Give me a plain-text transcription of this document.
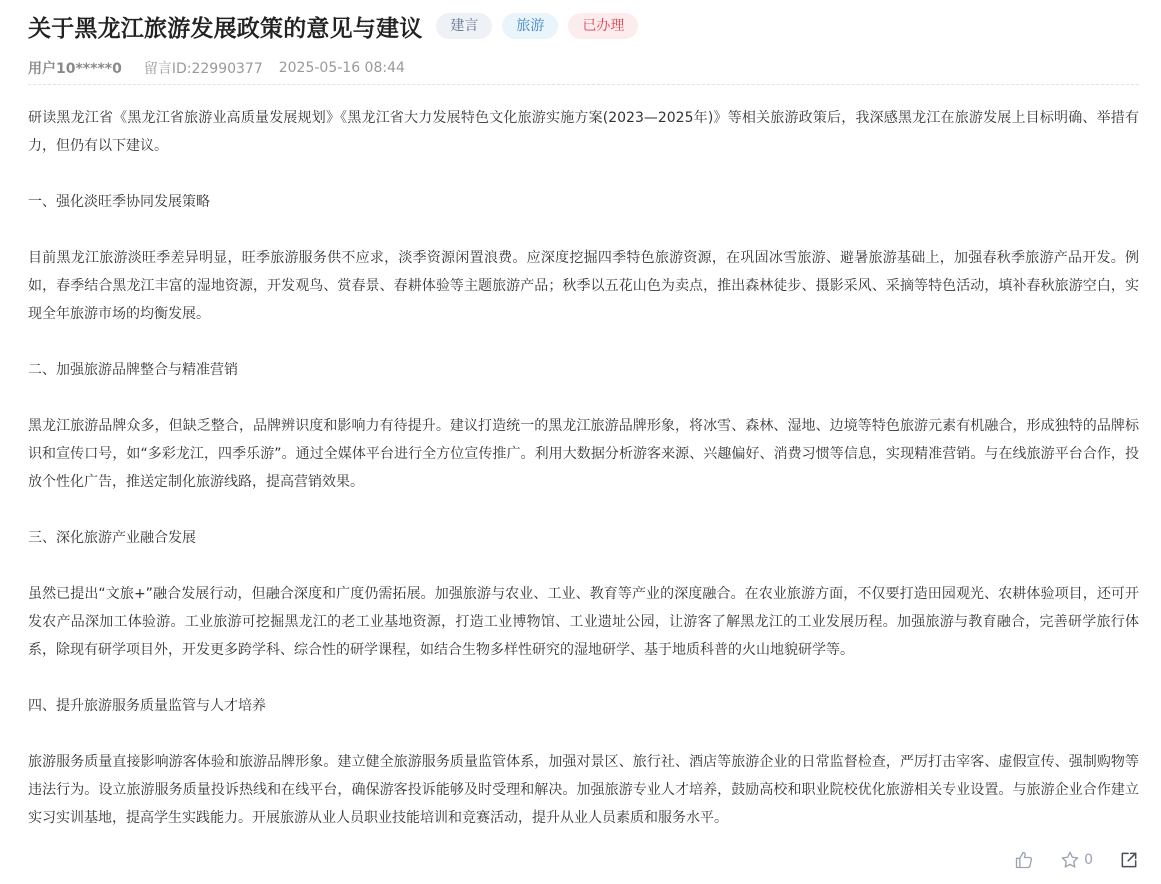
关于黑龙江旅游发展政策的意见与建议	建言	旅游	已办理
用户10*****0 留言ID:22990377 2025-05-16 08:44

研读黑龙江省《黑龙江省旅游业高质量发展规划》《黑龙江省大力发展特色文化旅游实施方案(2023—2025年)》等相关旅游政策后，我深感黑龙江在旅游发展上目标明确、举措有力，但仍有以下建议。

一、强化淡旺季协同发展策略

目前黑龙江旅游淡旺季差异明显，旺季旅游服务供不应求，淡季资源闲置浪费。应深度挖掘四季特色旅游资源，在巩固冰雪旅游、避暑旅游基础上，加强春秋季旅游产品开发。例如，春季结合黑龙江丰富的湿地资源，开发观鸟、赏春景、春耕体验等主题旅游产品；秋季以五花山色为卖点，推出森林徒步、摄影采风、采摘等特色活动，填补春秋旅游空白，实现全年旅游市场的均衡发展。

二、加强旅游品牌整合与精准营销

黑龙江旅游品牌众多，但缺乏整合，品牌辨识度和影响力有待提升。建议打造统一的黑龙江旅游品牌形象，将冰雪、森林、湿地、边境等特色旅游元素有机融合，形成独特的品牌标识和宣传口号，如“多彩龙江，四季乐游”。通过全媒体平台进行全方位宣传推广。利用大数据分析游客来源、兴趣偏好、消费习惯等信息，实现精准营销。与在线旅游平台合作，投放个性化广告，推送定制化旅游线路，提高营销效果。

三、深化旅游产业融合发展

虽然已提出“文旅+”融合发展行动，但融合深度和广度仍需拓展。加强旅游与农业、工业、教育等产业的深度融合。在农业旅游方面，不仅要打造田园观光、农耕体验项目，还可开发农产品深加工体验游。工业旅游可挖掘黑龙江的老工业基地资源，打造工业博物馆、工业遗址公园，让游客了解黑龙江的工业发展历程。加强旅游与教育融合，完善研学旅行体系，除现有研学项目外，开发更多跨学科、综合性的研学课程，如结合生物多样性研究的湿地研学、基于地质科普的火山地貌研学等。

四、提升旅游服务质量监管与人才培养

旅游服务质量直接影响游客体验和旅游品牌形象。建立健全旅游服务质量监管体系，加强对景区、旅行社、酒店等旅游企业的日常监督检查，严厉打击宰客、虚假宣传、强制购物等违法行为。设立旅游服务质量投诉热线和在线平台，确保游客投诉能够及时受理和解决。加强旅游专业人才培养，鼓励高校和职业院校优化旅游相关专业设置。与旅游企业合作建立实习实训基地，提高学生实践能力。开展旅游从业人员职业技能培训和竞赛活动，提升从业人员素质和服务水平。

0
